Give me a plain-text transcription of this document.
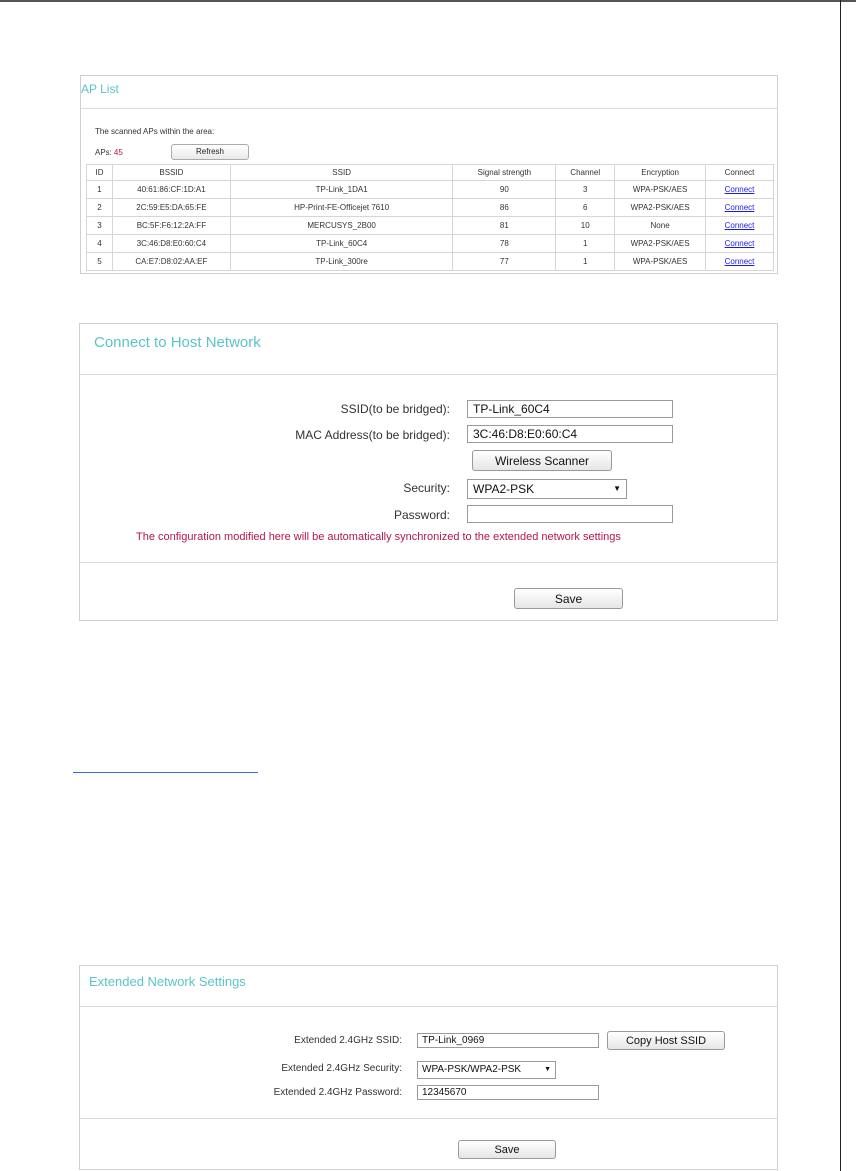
AP List
The scanned APs within the area:
APs: 45	Refresh
ID	BSSID	SSID	Signal strength	Channel	Encryption	Connect
1	40:61:86:CF:1D:A1	TP-Link_1DA1	90	3	WPA-PSK/AES	Connect
2	2C:59:E5:DA:65:FE	HP-Print-FE-Officejet 7610	86	6	WPA2-PSK/AES	Connect
3	BC:5F:F6:12:2A:FF	MERCUSYS_2B00	81	10	None	Connect
4	3C:46:D8:E0:60:C4	TP-Link_60C4	78	1	WPA2-PSK/AES	Connect
5	CA:E7:D8:02:AA:EF	TP-Link_300re	77	1	WPA-PSK/AES	Connect
Connect to Host Network
SSID(to be bridged):	TP-Link_60C4
MAC Address(to be bridged):	3C:46:D8:E0:60:C4
Wireless Scanner
Security:	WPA2-PSK	▼
Password:
The configuration modified here will be automatically synchronized to the extended network settings
Save
Extended Network Settings
Extended 2.4GHz SSID:	TP-Link_0969	Copy Host SSID
Extended 2.4GHz Security:	WPA-PSK/WPA2-PSK	▼
Extended 2.4GHz Password:	12345670
Save
